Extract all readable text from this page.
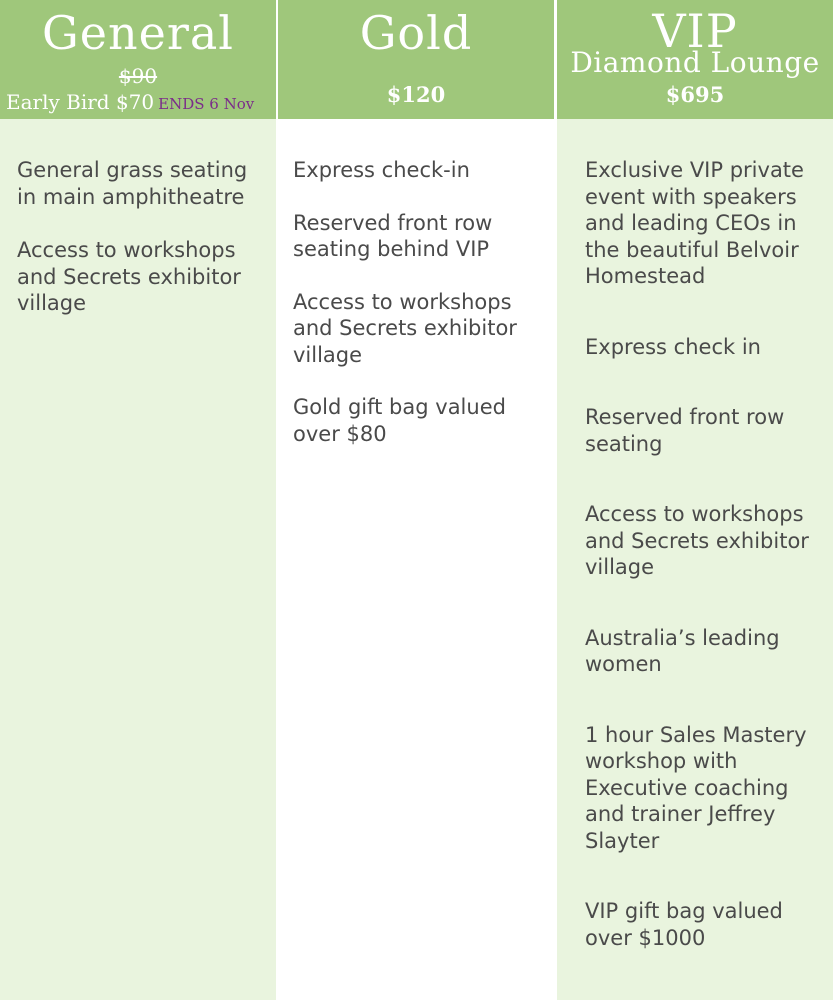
General
$90
Early Bird $70 ENDS 6 Nov
General grass seating in main amphitheatre
Access to workshops and Secrets exhibitor village
Gold
$120
Express check-in
Reserved front row seating behind VIP
Access to workshops and Secrets exhibitor village
Gold gift bag valued over $80
VIP
Diamond Lounge
$695
Exclusive VIP private event with speakers and leading CEOs in the beautiful Belvoir Homestead
Express check in
Reserved front row seating
Access to workshops and Secrets exhibitor village
Australia’s leading women
1 hour Sales Mastery workshop with Executive coaching and trainer Jeffrey Slayter
VIP gift bag valued over $1000
